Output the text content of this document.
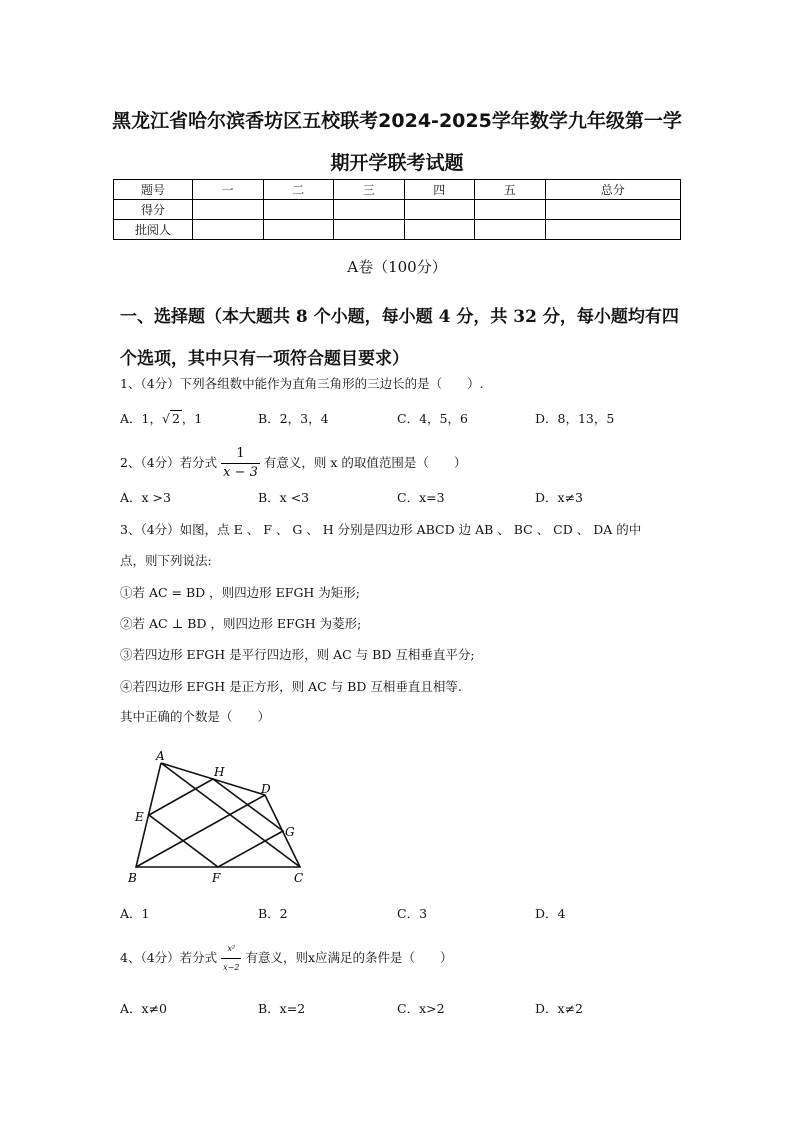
黑龙江省哈尔滨香坊区五校联考2024-2025学年数学九年级第一学
期开学联考试题
题号	一	二	三	四	五	总分
得分						
批阅人						
A卷（100分）
一、选择题（本大题共 8 个小题，每小题 4 分，共 32 分，每小题均有四个选项，其中只有一项符合题目要求）
1、（4分）下列各组数中能作为直角三角形的三边长的是（　　）.
A．1，√ 2 ，1	B．2，3，4	C．4，5，6	D．8，13，5
2、（4分）若分式 $\frac{1}{x - 3}$ 有意义，则 x 的取值范围是（　　）
A．x >3	B．x <3	C．x=3	D．x≠3
3、（4分）如图，点 E 、 F 、 G 、 H 分别是四边形 ABCD 边 AB 、 BC 、 CD 、 DA 的中
点，则下列说法:
①若 AC = BD ，则四边形 EFGH 为矩形;
②若 AC ⊥ BD ，则四边形 EFGH 为菱形;
③若四边形 EFGH 是平行四边形，则 AC 与 BD 互相垂直平分;
④若四边形 EFGH 是正方形，则 AC 与 BD 互相垂直且相等.
其中正确的个数是（　　）
A
B	C
D
E
F
G
H
A．1	B．2	C．3	D．4
4、（4分）若分式 $\frac{\text{x²}}{x-2}$ 有意义，则x应满足的条件是（　　）
A．x≠0	B．x=2	C．x>2	D．x≠2
